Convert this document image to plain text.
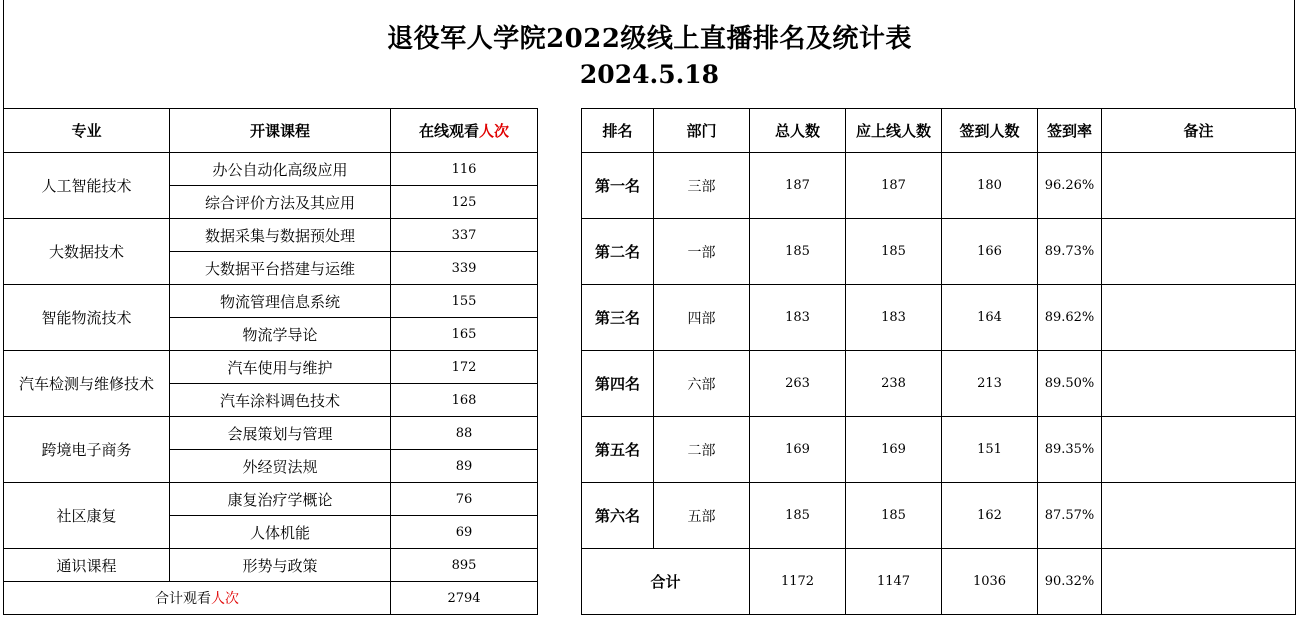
退役军人学院2022级线上直播排名及统计表
2024.5.18
专业	开课课程	在线观看人次
人工智能技术	办公自动化高级应用	116
	综合评价方法及其应用	125
大数据技术	数据采集与数据预处理	337
	大数据平台搭建与运维	339
智能物流技术	物流管理信息系统	155
	物流学导论	165
汽车检测与维修技术	汽车使用与维护	172
	汽车涂料调色技术	168
跨境电子商务	会展策划与管理	88
	外经贸法规	89
社区康复	康复治疗学概论	76
	人体机能	69
通识课程	形势与政策	895
合计观看人次		2794
排名	部门	总人数	应上线人数	签到人数	签到率	备注
第一名	三部	187	187	180	96.26%	
第二名	一部	185	185	166	89.73%	
第三名	四部	183	183	164	89.62%	
第四名	六部	263	238	213	89.50%	
第五名	二部	169	169	151	89.35%	
第六名	五部	185	185	162	87.57%	
合计		1172	1147	1036	90.32%	
